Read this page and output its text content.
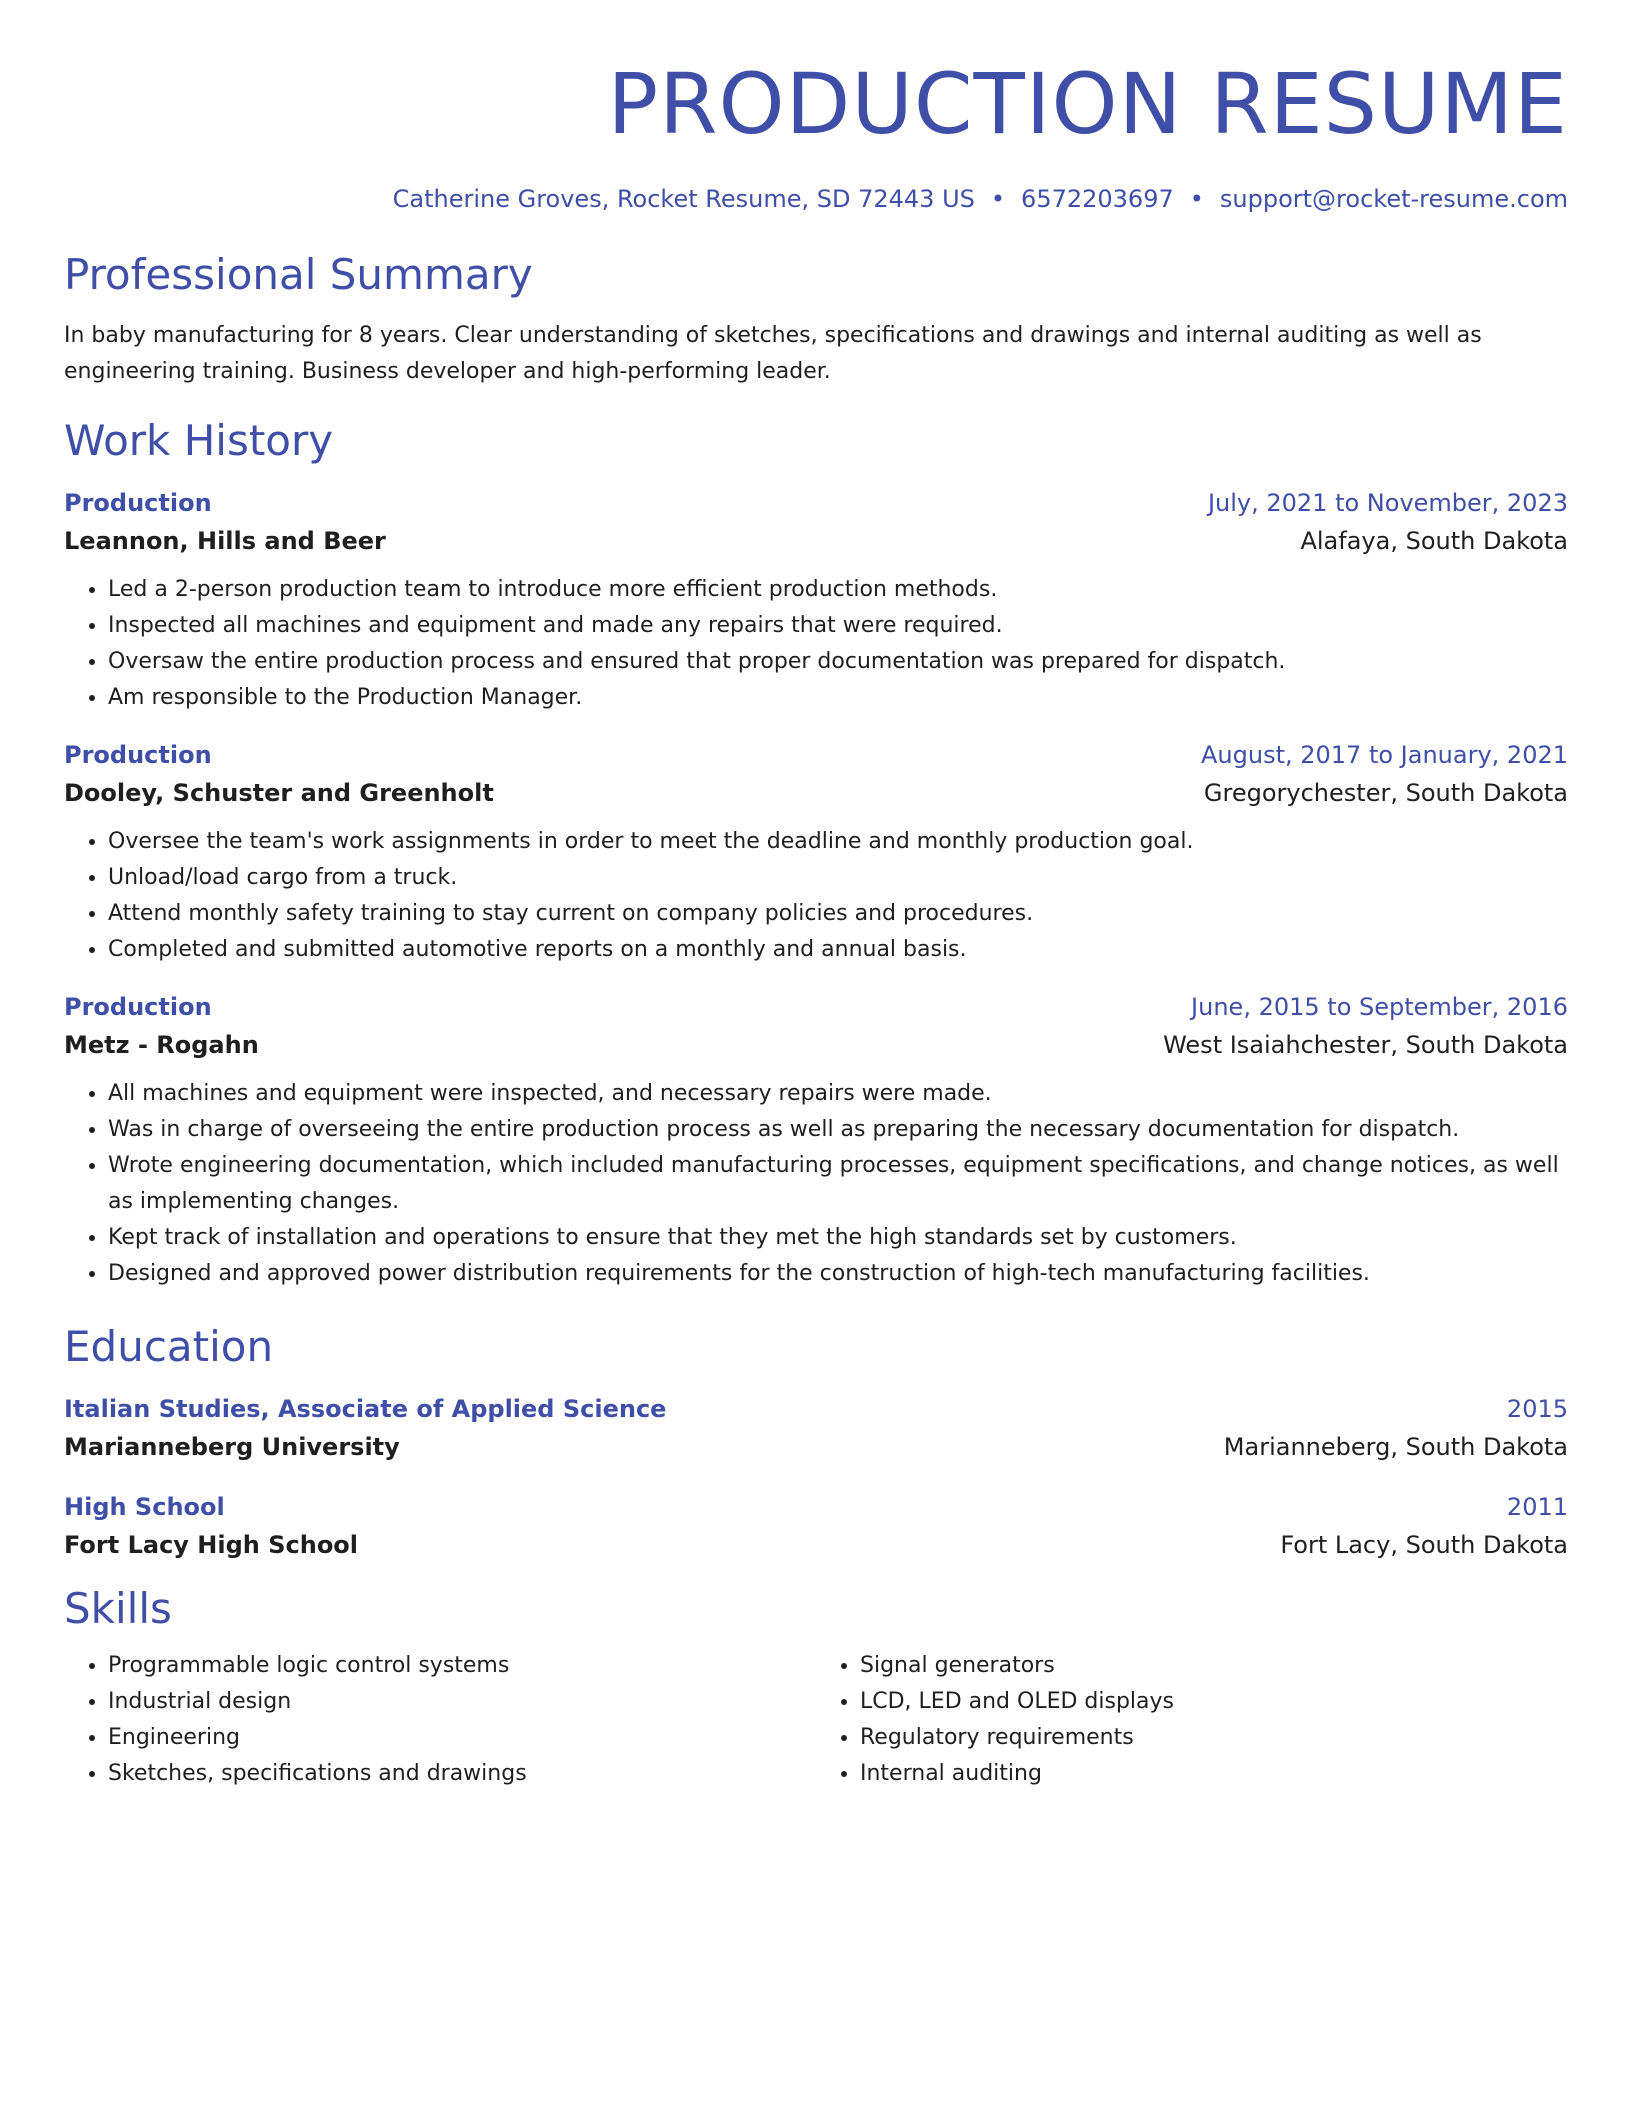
PRODUCTION RESUME
Catherine Groves, Rocket Resume, SD 72443 US • 6572203697 • support@rocket-resume.com
Professional Summary
In baby manufacturing for 8 years. Clear understanding of sketches, specifications and drawings and internal auditing as well as engineering training. Business developer and high-performing leader.
Work History
Production	July, 2021 to November, 2023
Leannon, Hills and Beer	Alafaya, South Dakota
• Led a 2-person production team to introduce more efficient production methods.
• Inspected all machines and equipment and made any repairs that were required.
• Oversaw the entire production process and ensured that proper documentation was prepared for dispatch.
• Am responsible to the Production Manager.
Production	August, 2017 to January, 2021
Dooley, Schuster and Greenholt	Gregorychester, South Dakota
• Oversee the team's work assignments in order to meet the deadline and monthly production goal.
• Unload/load cargo from a truck.
• Attend monthly safety training to stay current on company policies and procedures.
• Completed and submitted automotive reports on a monthly and annual basis.
Production	June, 2015 to September, 2016
Metz - Rogahn	West Isaiahchester, South Dakota
• All machines and equipment were inspected, and necessary repairs were made.
• Was in charge of overseeing the entire production process as well as preparing the necessary documentation for dispatch.
• Wrote engineering documentation, which included manufacturing processes, equipment specifications, and change notices, as well as implementing changes.
• Kept track of installation and operations to ensure that they met the high standards set by customers.
• Designed and approved power distribution requirements for the construction of high-tech manufacturing facilities.
Education
Italian Studies, Associate of Applied Science	2015
Marianneberg University	Marianneberg, South Dakota
High School	2011
Fort Lacy High School	Fort Lacy, South Dakota
Skills
• Programmable logic control systems
• Industrial design
• Engineering
• Sketches, specifications and drawings
• Signal generators
• LCD, LED and OLED displays
• Regulatory requirements
• Internal auditing
